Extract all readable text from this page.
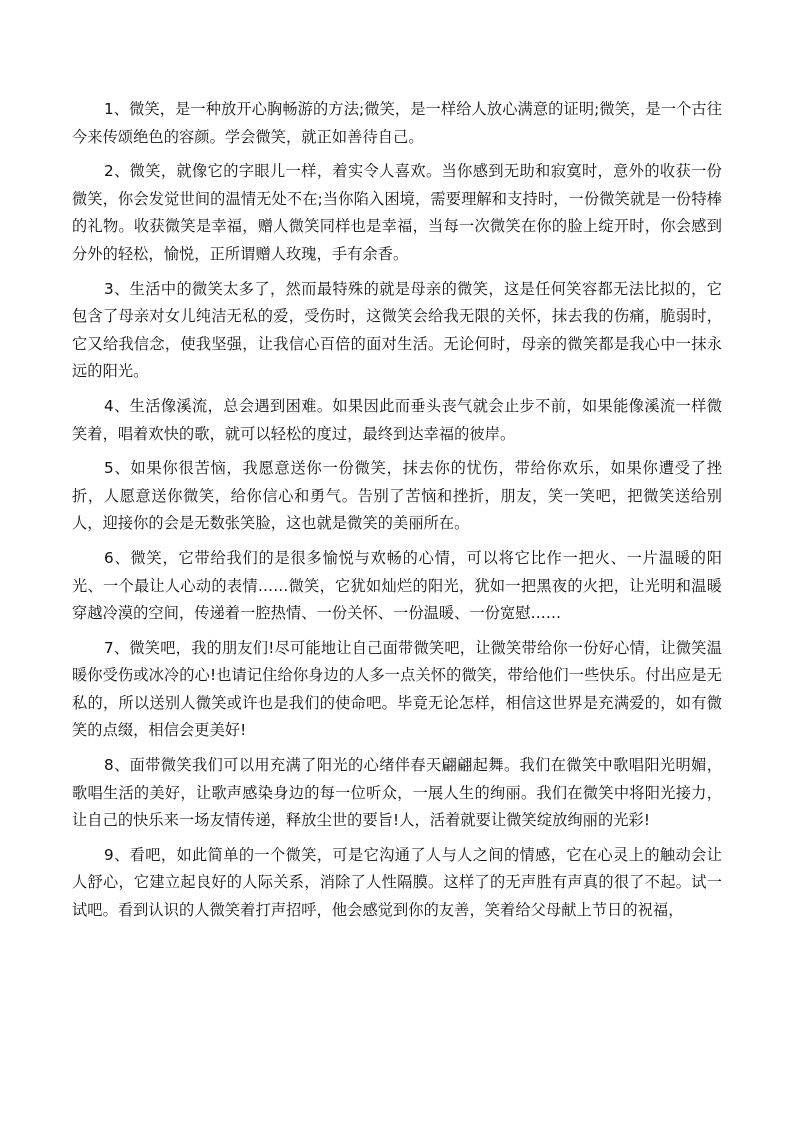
1、微笑，是一种放开心胸畅游的方法;微笑，是一样给人放心满意的证明;微笑，是一个古往今来传颂绝色的容颜。学会微笑，就正如善待自己。

2、微笑，就像它的字眼儿一样，着实令人喜欢。当你感到无助和寂寞时，意外的收获一份微笑，你会发觉世间的温情无处不在;当你陷入困境，需要理解和支持时，一份微笑就是一份特棒的礼物。收获微笑是幸福，赠人微笑同样也是幸福，当每一次微笑在你的脸上绽开时，你会感到分外的轻松，愉悦，正所谓赠人玫瑰，手有余香。

3、生活中的微笑太多了，然而最特殊的就是母亲的微笑，这是任何笑容都无法比拟的，它包含了母亲对女儿纯洁无私的爱，受伤时，这微笑会给我无限的关怀，抹去我的伤痛，脆弱时，它又给我信念，使我坚强，让我信心百倍的面对生活。无论何时，母亲的微笑都是我心中一抹永远的阳光。

4、生活像溪流，总会遇到困难。如果因此而垂头丧气就会止步不前，如果能像溪流一样微笑着，唱着欢快的歌，就可以轻松的度过，最终到达幸福的彼岸。

5、如果你很苦恼，我愿意送你一份微笑，抹去你的忧伤，带给你欢乐，如果你遭受了挫折，人愿意送你微笑，给你信心和勇气。告别了苦恼和挫折，朋友，笑一笑吧，把微笑送给别人，迎接你的会是无数张笑脸，这也就是微笑的美丽所在。

6、微笑，它带给我们的是很多愉悦与欢畅的心情，可以将它比作一把火、一片温暖的阳光、一个最让人心动的表情……微笑，它犹如灿烂的阳光，犹如一把黑夜的火把，让光明和温暖穿越冷漠的空间，传递着一腔热情、一份关怀、一份温暖、一份宽慰……

7、微笑吧，我的朋友们!尽可能地让自己面带微笑吧，让微笑带给你一份好心情，让微笑温暖你受伤或冰冷的心!也请记住给你身边的人多一点关怀的微笑，带给他们一些快乐。付出应是无私的，所以送别人微笑或许也是我们的使命吧。毕竟无论怎样，相信这世界是充满爱的，如有微笑的点缀，相信会更美好!

8、面带微笑我们可以用充满了阳光的心绪伴春天翩翩起舞。我们在微笑中歌唱阳光明媚，歌唱生活的美好，让歌声感染身边的每一位听众，一展人生的绚丽。我们在微笑中将阳光接力，让自己的快乐来一场友情传递，释放尘世的要旨!人，活着就要让微笑绽放绚丽的光彩!

9、看吧，如此简单的一个微笑，可是它沟通了人与人之间的情感，它在心灵上的触动会让人舒心，它建立起良好的人际关系，消除了人性隔膜。这样了的无声胜有声真的很了不起。试一试吧。看到认识的人微笑着打声招呼，他会感觉到你的友善，笑着给父母献上节日的祝福，
